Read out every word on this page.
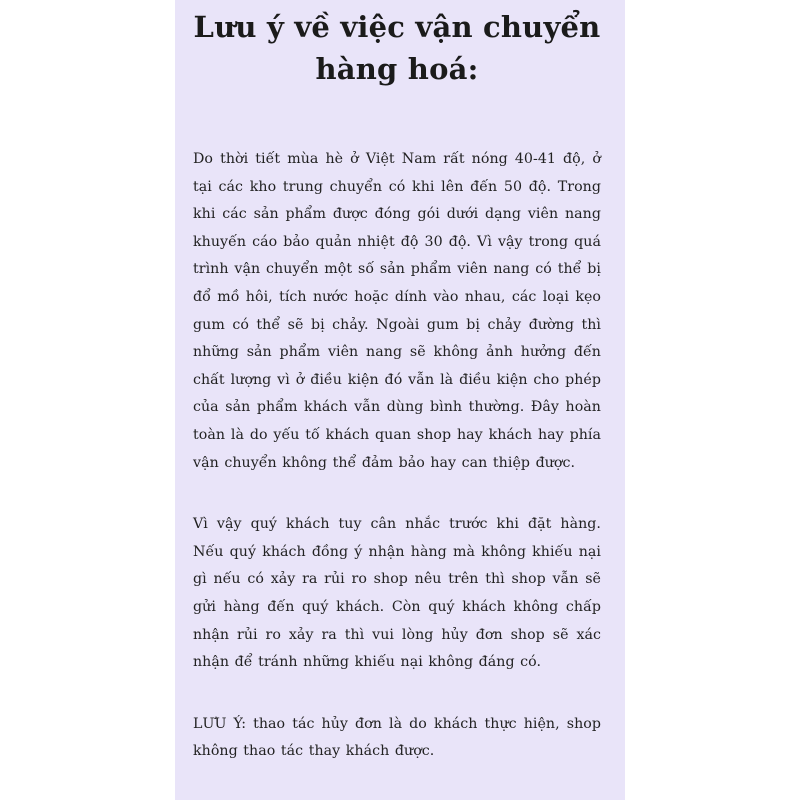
Lưu ý về việc vận chuyển hàng hoá:

Do thời tiết mùa hè ở Việt Nam rất nóng 40-41 độ, ở tại các kho trung chuyển có khi lên đến 50 độ. Trong khi các sản phẩm được đóng gói dưới dạng viên nang khuyến cáo bảo quản nhiệt độ 30 độ. Vì vậy trong quá trình vận chuyển một số sản phẩm viên nang có thể bị đổ mồ hôi, tích nước hoặc dính vào nhau, các loại kẹo gum có thể sẽ bị chảy. Ngoài gum bị chảy đường thì những sản phẩm viên nang sẽ không ảnh hưởng đến chất lượng vì ở điều kiện đó vẫn là điều kiện cho phép của sản phẩm khách vẫn dùng bình thường. Đây hoàn toàn là do yếu tố khách quan shop hay khách hay phía vận chuyển không thể đảm bảo hay can thiệp được.

Vì vậy quý khách tuy cân nhắc trước khi đặt hàng. Nếu quý khách đồng ý nhận hàng mà không khiếu nại gì nếu có xảy ra rủi ro shop nêu trên thì shop vẫn sẽ gửi hàng đến quý khách. Còn quý khách không chấp nhận rủi ro xảy ra thì vui lòng hủy đơn shop sẽ xác nhận để tránh những khiếu nại không đáng có.

LƯU Ý: thao tác hủy đơn là do khách thực hiện, shop không thao tác thay khách được.
